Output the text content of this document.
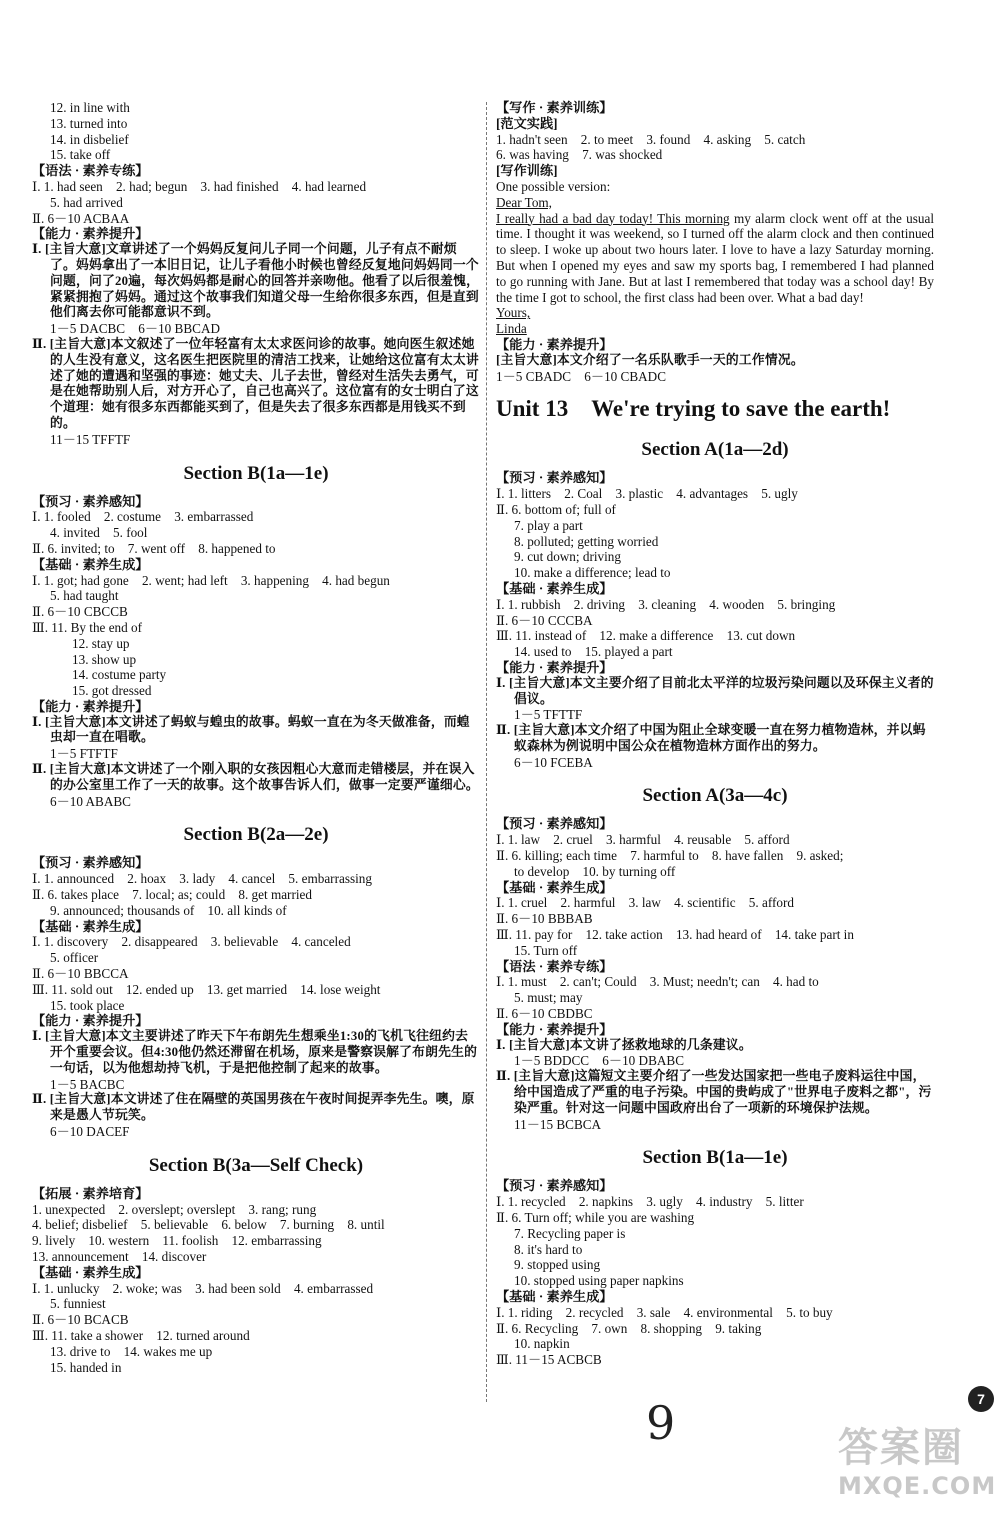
12. in line with
13. turned into
14. in disbelief
15. take off
【语法 · 素养专练】
Ⅰ. 1. had seen　2. had; begun　3. had finished　4. had learned
5. had arrived
Ⅱ. 6－10 ACBAA
【能力 · 素养提升】
Ⅰ. [主旨大意]文章讲述了一个妈妈反复问儿子同一个问题，儿子有点不耐烦了。妈妈拿出了一本旧日记，让儿子看他小时候也曾经反复地问妈妈同一个问题，问了20遍，每次妈妈都是耐心的回答并亲吻他。他看了以后很羞愧，紧紧拥抱了妈妈。通过这个故事我们知道父母一生给你很多东西，但是直到他们离去你可能都意识不到。
1－5 DACBC　6－10 BBCAD
Ⅱ. [主旨大意]本文叙述了一位年轻富有太太求医问诊的故事。她向医生叙述她的人生没有意义，这名医生把医院里的清洁工找来，让她给这位富有太太讲述了她的遭遇和坚强的事迹：她丈夫、儿子去世，曾经对生活失去勇气，可是在她帮助别人后，对方开心了，自己也高兴了。这位富有的女士明白了这个道理：她有很多东西都能买到了，但是失去了很多东西都是用钱买不到的。
11－15 TFFTF
Section B(1a—1e)
【预习 · 素养感知】
Ⅰ. 1. fooled　2. costume　3. embarrassed
4. invited　5. fool
Ⅱ. 6. invited; to　7. went off　8. happened to
【基础 · 素养生成】
Ⅰ. 1. got; had gone　2. went; had left　3. happening　4. had begun
5. had taught
Ⅱ. 6－10 CBCCB
Ⅲ. 11. By the end of
12. stay up
13. show up
14. costume party
15. got dressed
【能力 · 素养提升】
Ⅰ. [主旨大意]本文讲述了蚂蚁与蝗虫的故事。蚂蚁一直在为冬天做准备，而蝗虫却一直在唱歌。
1－5 FTFTF
Ⅱ. [主旨大意]本文讲述了一个刚入职的女孩因粗心大意而走错楼层，并在误入的办公室里工作了一天的故事。这个故事告诉人们，做事一定要严谨细心。
6－10 ABABC
Section B(2a—2e)
【预习 · 素养感知】
Ⅰ. 1. announced　2. hoax　3. lady　4. cancel　5. embarrassing
Ⅱ. 6. takes place　7. local; as; could　8. get married
9. announced; thousands of　10. all kinds of
【基础 · 素养生成】
Ⅰ. 1. discovery　2. disappeared　3. believable　4. canceled
5. officer
Ⅱ. 6－10 BBCCA
Ⅲ. 11. sold out　12. ended up　13. get married　14. lose weight
15. took place
【能力 · 素养提升】
Ⅰ. [主旨大意]本文主要讲述了昨天下午布朗先生想乘坐1:30的飞机飞往纽约去开个重要会议。但4:30他仍然还滞留在机场，原来是警察误解了布朗先生的一句话，以为他想劫持飞机，于是把他控制了起来的故事。
1－5 BACBC
Ⅱ. [主旨大意]本文讲述了住在隔壁的英国男孩在午夜时间捉弄李先生。噢，原来是愚人节玩笑。
6－10 DACEF
Section B(3a—Self Check)
【拓展 · 素养培育】
1. unexpected　2. overslept; overslept　3. rang; rung
4. belief; disbelief　5. believable　6. below　7. burning　8. until
9. lively　10. western　11. foolish　12. embarrassing
13. announcement　14. discover
【基础 · 素养生成】
Ⅰ. 1. unlucky　2. woke; was　3. had been sold　4. embarrassed
5. funniest
Ⅱ. 6－10 BCACB
Ⅲ. 11. take a shower　12. turned around
13. drive to　14. wakes me up
15. handed in
【写作 · 素养训练】
[范文实践]
1. hadn't seen　2. to meet　3. found　4. asking　5. catch
6. was having　7. was shocked
[写作训练]
One possible version:
Dear Tom,
I really had a bad day today! This morning my alarm clock went off at the usual time. I thought it was weekend, so I turned off the alarm clock and then continued to sleep. I woke up about two hours later. I love to have a lazy Saturday morning. But when I opened my eyes and saw my sports bag, I remembered I had planned to go running with Jane. But at last I remembered that today was a school day! By the time I got to school, the first class had been over. What a bad day!
Yours,
Linda
【能力 · 素养提升】
[主旨大意]本文介绍了一名乐队歌手一天的工作情况。
1－5 CBADC　6－10 CBADC
Unit 13　We're trying to save the earth!
Section A(1a—2d)
【预习 · 素养感知】
Ⅰ. 1. litters　2. Coal　3. plastic　4. advantages　5. ugly
Ⅱ. 6. bottom of; full of
7. play a part
8. polluted; getting worried
9. cut down; driving
10. make a difference; lead to
【基础 · 素养生成】
Ⅰ. 1. rubbish　2. driving　3. cleaning　4. wooden　5. bringing
Ⅱ. 6－10 CCCBA
Ⅲ. 11. instead of　12. make a difference　13. cut down
14. used to　15. played a part
【能力 · 素养提升】
Ⅰ. [主旨大意]本文主要介绍了目前北太平洋的垃圾污染问题以及环保主义者的倡议。
1－5 TFTTF
Ⅱ. [主旨大意]本文介绍了中国为阻止全球变暖一直在努力植物造林，并以蚂蚁森林为例说明中国公众在植物造林方面作出的努力。
6－10 FCEBA
Section A(3a—4c)
【预习 · 素养感知】
Ⅰ. 1. law　2. cruel　3. harmful　4. reusable　5. afford
Ⅱ. 6. killing; each time　7. harmful to　8. have fallen　9. asked;
to develop　10. by turning off
【基础 · 素养生成】
Ⅰ. 1. cruel　2. harmful　3. law　4. scientific　5. afford
Ⅱ. 6－10 BBBAB
Ⅲ. 11. pay for　12. take action　13. had heard of　14. take part in
15. Turn off
【语法 · 素养专练】
Ⅰ. 1. must　2. can't; Could　3. Must; needn't; can　4. had to
5. must; may
Ⅱ. 6－10 CBDBC
【能力 · 素养提升】
Ⅰ. [主旨大意]本文讲了拯救地球的几条建议。
1－5 BDDCC　6－10 DBABC
Ⅱ. [主旨大意]这篇短文主要介绍了一些发达国家把一些电子废料运往中国，给中国造成了严重的电子污染。中国的贵屿成了"世界电子废料之都"，污染严重。针对这一问题中国政府出台了一项新的环境保护法规。
11－15 BCBCA
Section B(1a—1e)
【预习 · 素养感知】
Ⅰ. 1. recycled　2. napkins　3. ugly　4. industry　5. litter
Ⅱ. 6. Turn off; while you are washing
7. Recycling paper is
8. it's hard to
9. stopped using
10. stopped using paper napkins
【基础 · 素养生成】
Ⅰ. 1. riding　2. recycled　3. sale　4. environmental　5. to buy
Ⅱ. 6. Recycling　7. own　8. shopping　9. taking
10. napkin
Ⅲ. 11－15 ACBCB
9	7
答案圈
MXQE.COM
